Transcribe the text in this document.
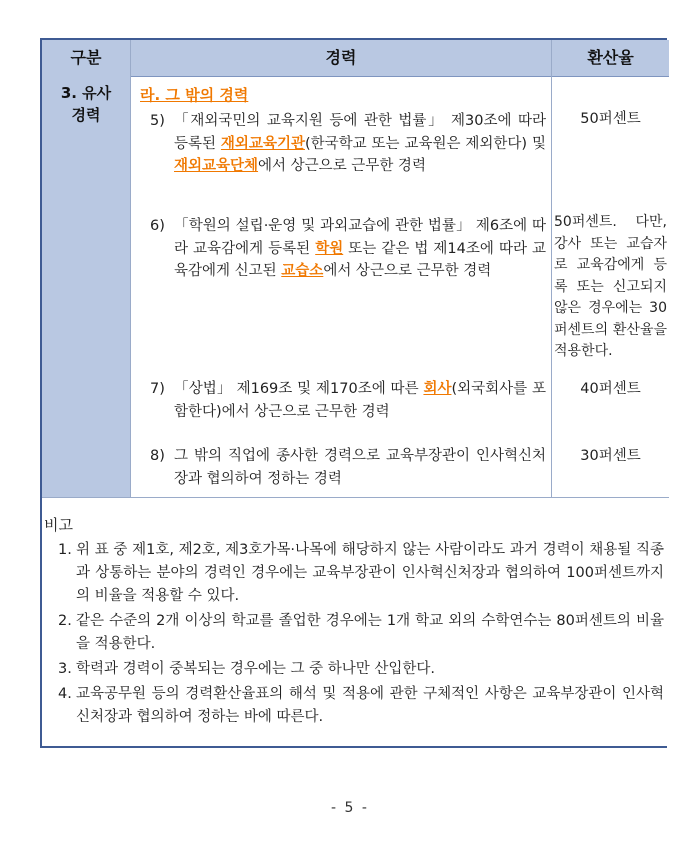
구분	경력	환산율
3. 유사
경력
라. 그 밖의 경력
5) 「재외국민의 교육지원 등에 관한 법률」 제30조에 따라 등록된 재외교육기관(한국학교 또는 교육원은 제외한다) 및 재외교육단체에서 상근으로 근무한 경력
50퍼센트
6) 「학원의 설립·운영 및 과외교습에 관한 법률」 제6조에 따라 교육감에게 등록된 학원 또는 같은 법 제14조에 따라 교육감에게 신고된 교습소에서 상근으로 근무한 경력
50퍼센트. 다만, 강사 또는 교습자로 교육감에게 등록 또는 신고되지 않은 경우에는 30퍼센트의 환산율을 적용한다.
7) 「상법」 제169조 및 제170조에 따른 회사(외국회사를 포함한다)에서 상근으로 근무한 경력
40퍼센트
8) 그 밖의 직업에 종사한 경력으로 교육부장관이 인사혁신처장과 협의하여 정하는 경력
30퍼센트
비고
1. 위 표 중 제1호, 제2호, 제3호가목·나목에 해당하지 않는 사람이라도 과거 경력이 채용될 직종과 상통하는 분야의 경력인 경우에는 교육부장관이 인사혁신처장과 협의하여 100퍼센트까지의 비율을 적용할 수 있다.
2. 같은 수준의 2개 이상의 학교를 졸업한 경우에는 1개 학교 외의 수학연수는 80퍼센트의 비율을 적용한다.
3. 학력과 경력이 중복되는 경우에는 그 중 하나만 산입한다.
4. 교육공무원 등의 경력환산율표의 해석 및 적용에 관한 구체적인 사항은 교육부장관이 인사혁신처장과 협의하여 정하는 바에 따른다.
- 5 -
